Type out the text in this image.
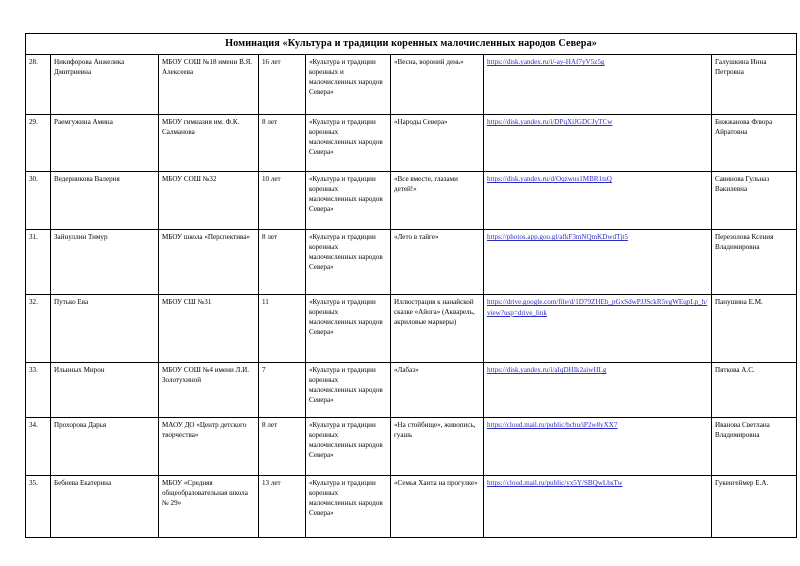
Номинация «Культура и традиции коренных малочисленных народов Севера»							
28.	Никифорова Анжелика Дмитриевна	МБОУ СОШ №18 имени В.Я. Алексеева	16 лет	«Культура и традиции коренных и малочисленных народов Севера»	«Весна, вороний день»	https://disk.yandex.ru/i/-ay-HAf7yV5z5g	Галушкина Инна Петровна
29.	Раемгужина Амина	МБОУ гимназия им. Ф.К. Салманова	8 лет	«Культура и традиции коренных малочисленных народов Севера»	«Народы Севера»	https://disk.yandex.ru/i/DPqXiJGDCJyTCw	Бижжанова Флюра Айратовна
30.	Ведерникова Валерия	МБОУ СОШ №32	10 лет	«Культура и традиции коренных малочисленных народов Севера»	«Все вместе, глазами детей!»	https://disk.yandex.ru/d/Oqzwus1MBR1tsQ	Савинова Гульназ Вакилевна
31.	Зайнуллин Тимур	МБОУ школа «Перспектива»	8 лет	«Культура и традиции коренных малочисленных народов Севера»	«Лето в тайге»	https://photos.app.goo.gl/afkF3mNQmKDwdTjt5	Перезолова Ксения Владимировна
32.	Путько Ева	МБОУ СШ №31	11	«Культура и традиции коренных малочисленных народов Севера»	Иллюстрация к нанайской сказке «Айога» (Акварель, акриловые маркеры)	https://drive.google.com/file/d/1D79ZHEb_pGxSdwPJJSckR5vgWEqpLp_h/view?usp=drive_link	Панушина Е.М.
33.	Ильиных Мирон	МБОУ СОШ №4 имени Л.И. Золотухиной	7	«Культура и традиции коренных малочисленных народов Севера»	«Лабаз»	https://disk.yandex.ru/i/aIqDHIk2aiwHLg	Пяткова А.С.
34.	Прохорова Дарья	МАОУ ДО «Центр детского творчества»	8 лет	«Культура и традиции коренных малочисленных народов Севера»	«На стойбище», живопись, гуашь	https://cloud.mail.ru/public/bchu/iP2w8yXX7	Иванова Светлана Владимировна
35.	Бебнева Екатерина	МБОУ «Средняя общеобразовательная школа № 29»	13 лет	«Культура и традиции коренных малочисленных народов Севера»	«Семья Ханта на прогулке»	https://cloud.mail.ru/public/yx5Y/SBQwLbsTw	Гукенгеймер Е.А.
